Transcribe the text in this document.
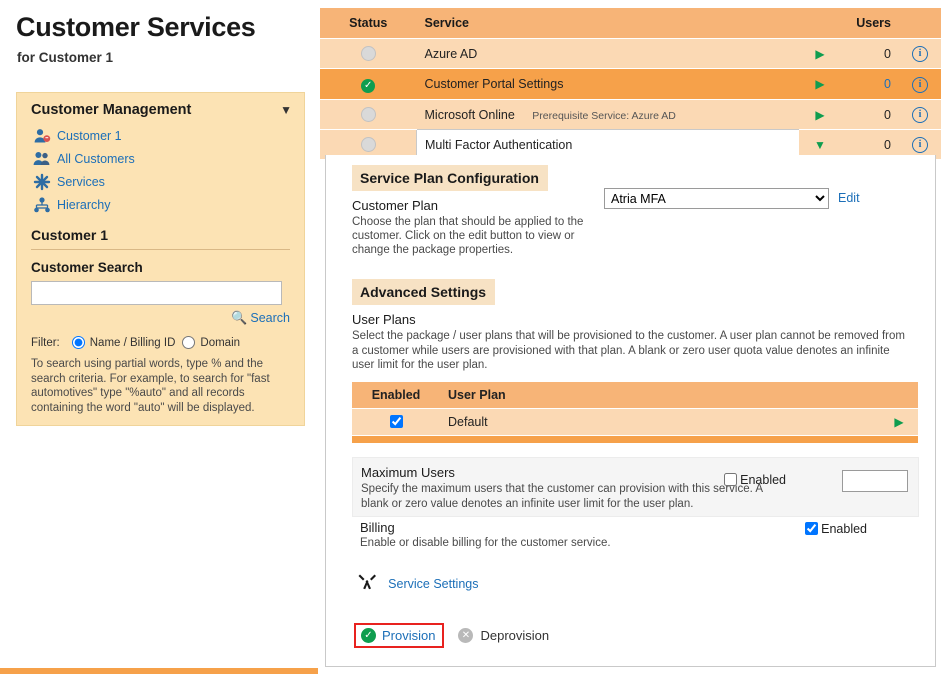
Customer Services
for Customer 1
Customer Management	▼
Customer 1
All Customers
Services
Hierarchy
Customer 1
Customer Search
🔍 Search
Filter:	Name / Billing ID Domain
To search using partial words, type % and the search criteria. For example, to search for "fast automotives" type "%auto" and all records containing the word "auto" will be displayed.
Status	Service		Users	
	Azure AD	▶	0	i
✓	Customer Portal Settings	▶	0	i
	Microsoft Online Prerequisite Service: Azure AD	▶	0	i
	Multi Factor Authentication	▼	0	i
Service Plan Configuration
Customer Plan
Choose the plan that should be applied to the customer. Click on the edit button to view or change the package properties.
Atria MFA
Edit
Advanced Settings
User Plans
Select the package / user plans that will be provisioned to the customer. A user plan cannot be removed from a customer while users are provisioned with that plan. A blank or zero user quota value denotes an infinite user limit for the user plan.
Enabled	User Plan	
	Default	▶

Maximum Users
Specify the maximum users that the customer can provision with this service. A blank or zero value denotes an infinite user limit for the user plan.
Enabled
Billing
Enable or disable billing for the customer service.
Enabled
Service Settings
✓ Provision	✕ Deprovision
